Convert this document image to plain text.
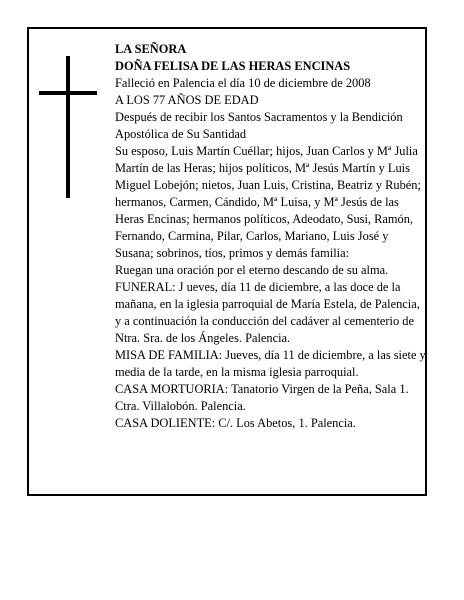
LA SEÑORA

DOÑA FELISA DE LAS HERAS ENCINAS

Falleció en Palencia el día 10 de diciembre de 2008

A LOS 77 AÑOS DE EDAD

Después de recibir los Santos Sacramentos y la Bendición Apostólica de Su Santidad

Su esposo, Luis Martín Cuéllar; hijos, Juan Carlos y Mª Julia Martín de las Heras; hijos políticos, Mª Jesús Martín y Luis Miguel Lobejón; nietos, Juan Luis, Cristina, Beatriz y Rubén; hermanos, Carmen, Cándido, Mª Luisa, y Mª Jesús de las Heras Encinas; hermanos políticos, Adeodato, Susi, Ramón, Fernando, Carmina, Pilar, Carlos, Mariano, Luis José y Susana; sobrinos, tíos, primos y demás familia:

Ruegan una oración por el eterno descando de su alma.

FUNERAL: J ueves, día 11 de diciembre, a las doce de la mañana, en la iglesia parroquial de María Estela, de Palencia, y a continuación la conducción del cadáver al cementerio de Ntra. Sra. de los Ángeles. Palencia.

MISA DE FAMILIA: Jueves, día 11 de diciembre, a las siete y media de la tarde, en la misma iglesia parroquial.

CASA MORTUORIA: Tanatorio Virgen de la Peña, Sala 1. Ctra. Villalobón. Palencia.

CASA DOLIENTE: C/. Los Abetos, 1. Palencia.
